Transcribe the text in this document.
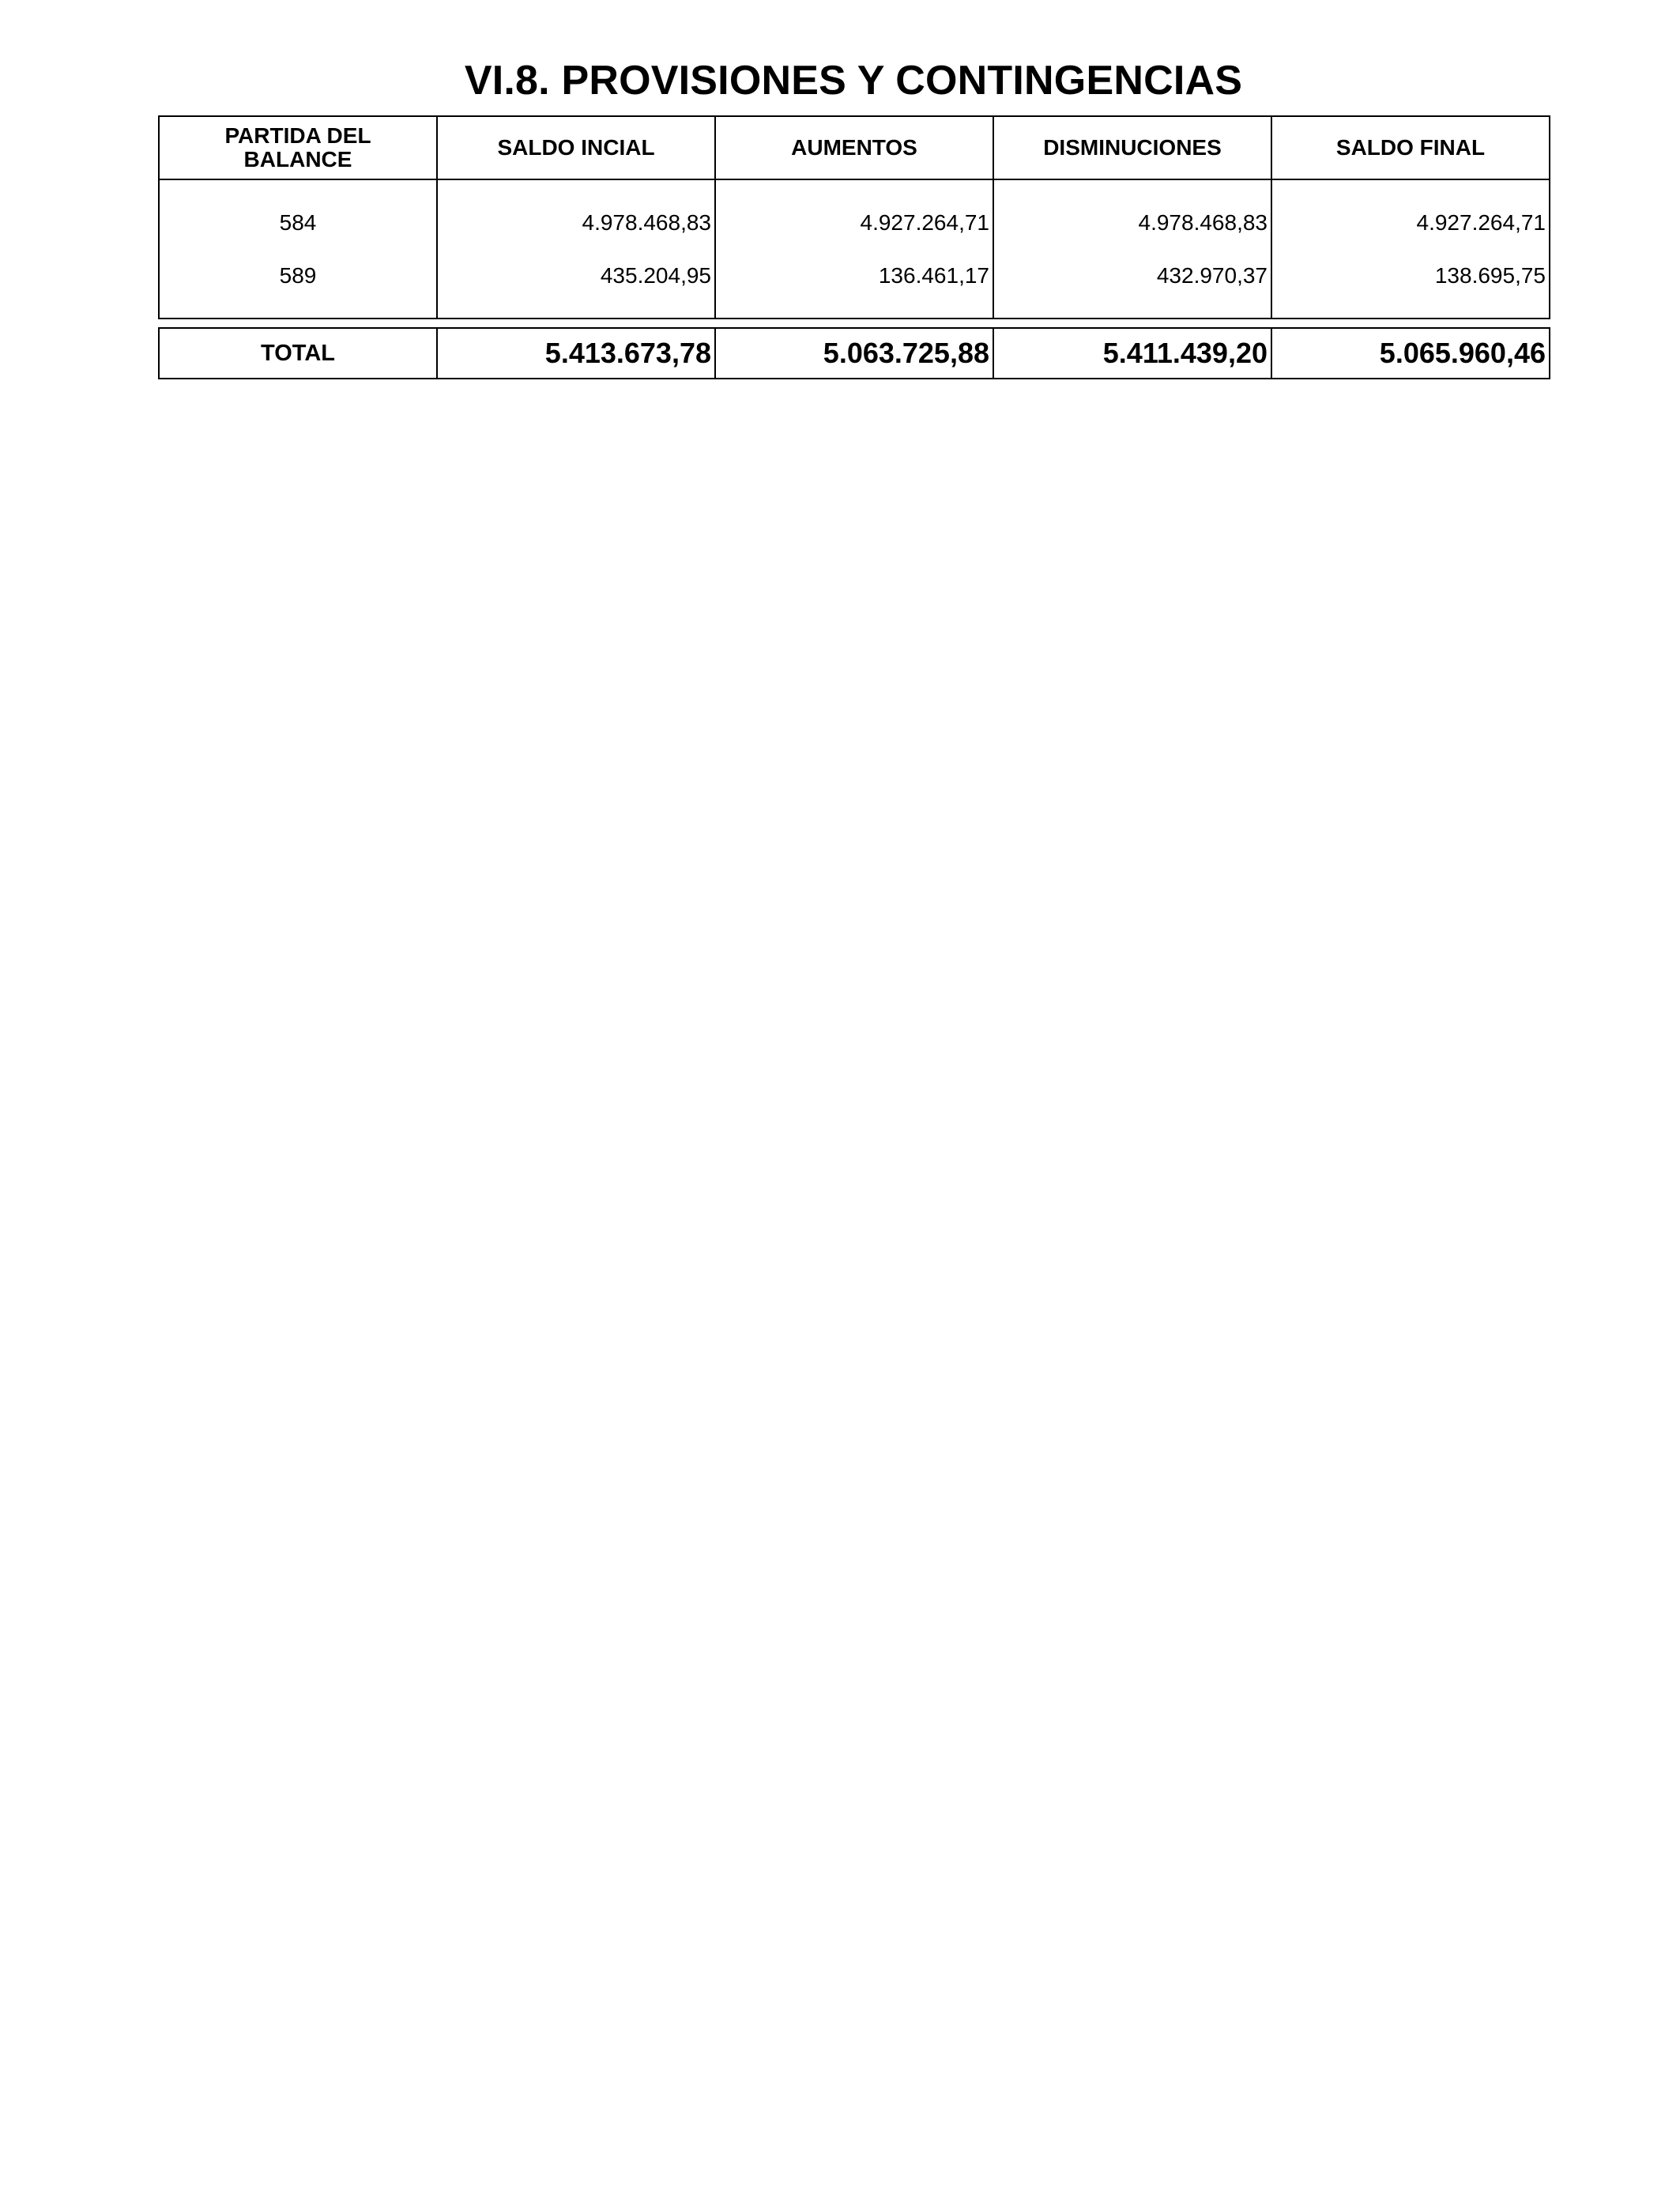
VI.8. PROVISIONES Y CONTINGENCIAS
PARTIDA DEL BALANCE	SALDO INCIAL	AUMENTOS	DISMINUCIONES	SALDO FINAL
584	4.978.468,83	4.927.264,71	4.978.468,83	4.927.264,71
589	435.204,95	136.461,17	432.970,37	138.695,75
TOTAL	5.413.673,78	5.063.725,88	5.411.439,20	5.065.960,46
